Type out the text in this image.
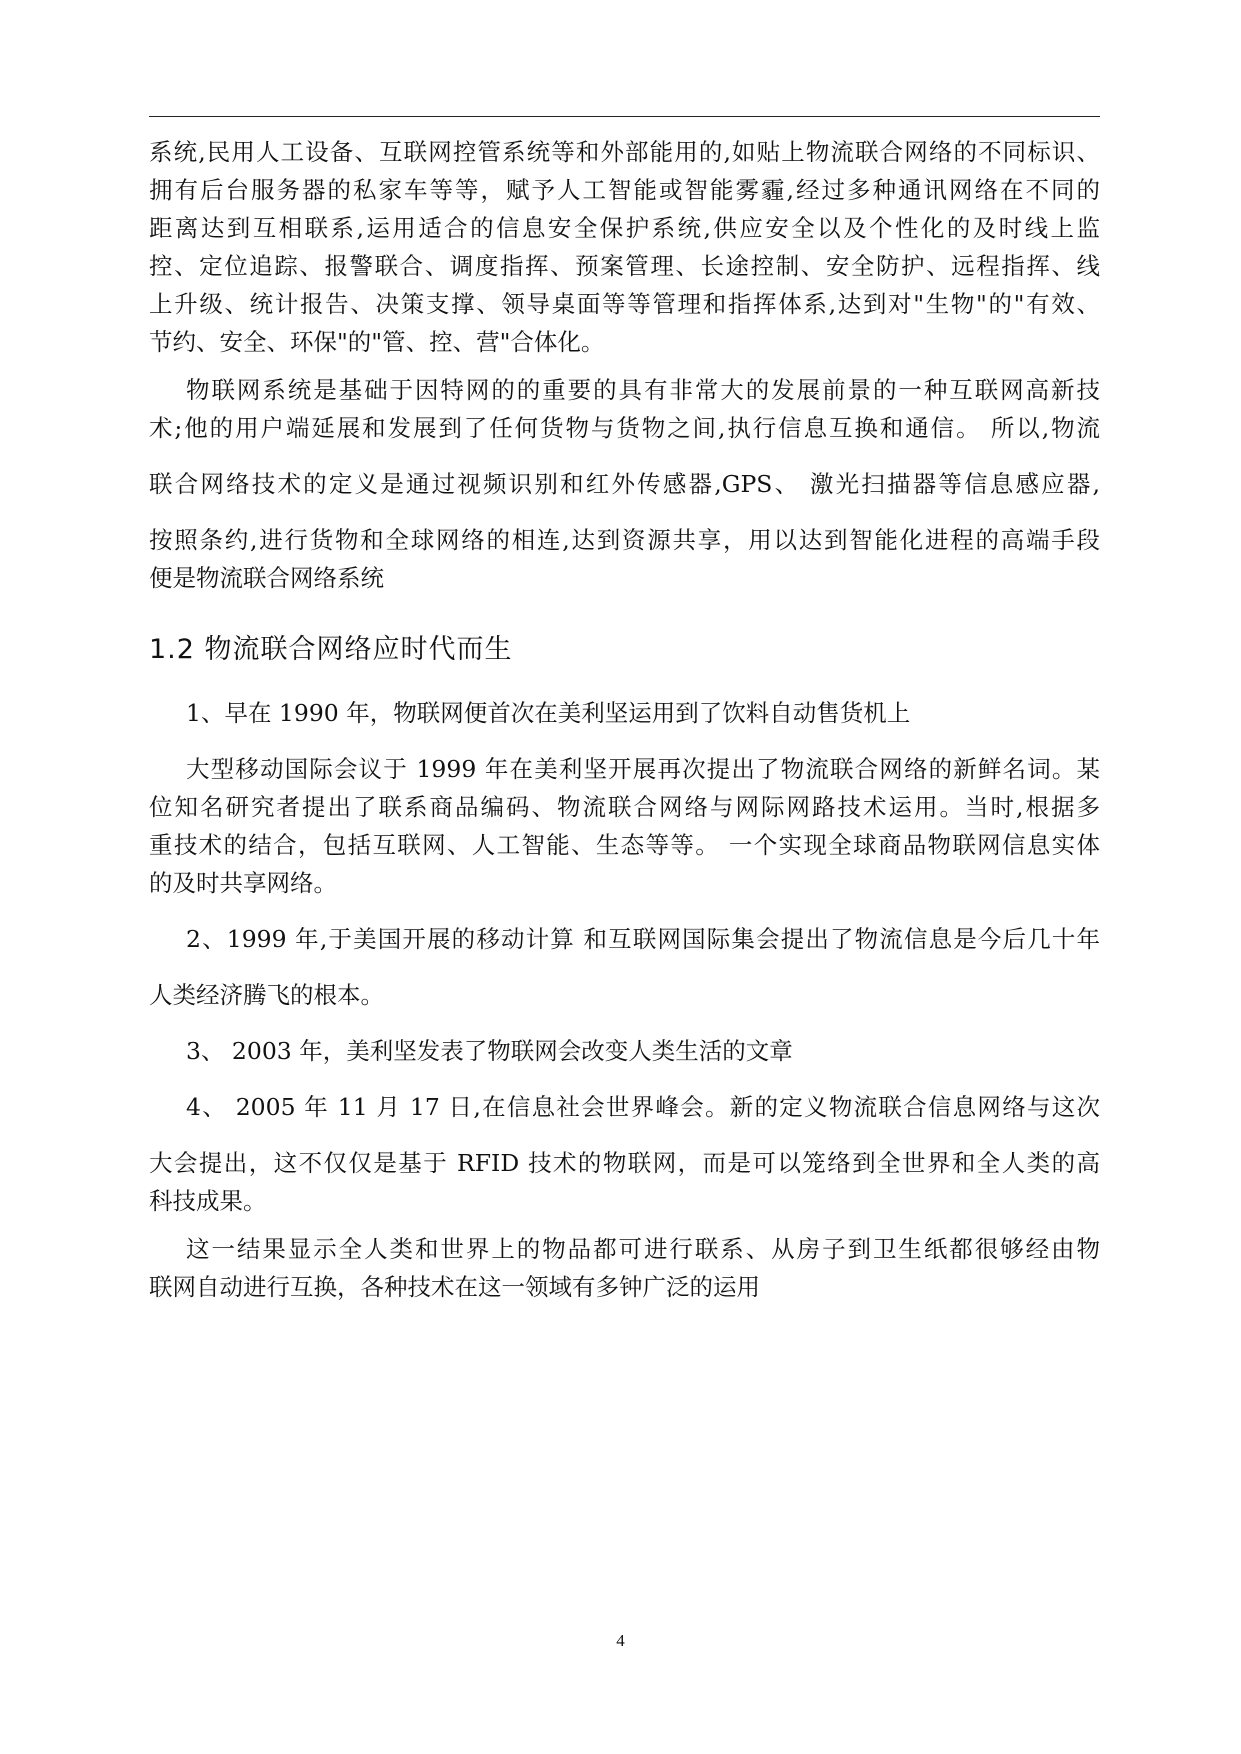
系统,民用人工设备、互联网控管系统等和外部能用的,如贴上物流联合网络的不同标识、
拥有后台服务器的私家车等等，赋予人工智能或智能雾霾,经过多种通讯网络在不同的
距离达到互相联系,运用适合的信息安全保护系统,供应安全以及个性化的及时线上监
控、定位追踪、报警联合、调度指挥、预案管理、长途控制、安全防护、远程指挥、线
上升级、统计报告、决策支撑、领导桌面等等管理和指挥体系,达到对"生物"的"有效、
节约、安全、环保"的"管、控、营"合体化。
物联网系统是基础于因特网的的重要的具有非常大的发展前景的一种互联网高新技
术;他的用户端延展和发展到了任何货物与货物之间,执行信息互换和通信。 所以,物流
联合网络技术的定义是通过视频识别和红外传感器,GPS、 激光扫描器等信息感应器,
按照条约,进行货物和全球网络的相连,达到资源共享，用以达到智能化进程的高端手段
便是物流联合网络系统
1.2 物流联合网络应时代而生
1、早在 1990 年，物联网便首次在美利坚运用到了饮料自动售货机上
大型移动国际会议于 1999 年在美利坚开展再次提出了物流联合网络的新鲜名词。某
位知名研究者提出了联系商品编码、物流联合网络与网际网路技术运用。当时,根据多
重技术的结合，包括互联网、人工智能、生态等等。 一个实现全球商品物联网信息实体
的及时共享网络。
2、1999 年,于美国开展的移动计算 和互联网国际集会提出了物流信息是今后几十年
人类经济腾飞的根本。
3、 2003 年，美利坚发表了物联网会改变人类生活的文章
4、 2005 年 11 月 17 日,在信息社会世界峰会。新的定义物流联合信息网络与这次
大会提出，这不仅仅是基于 RFID 技术的物联网，而是可以笼络到全世界和全人类的高
科技成果。
这一结果显示全人类和世界上的物品都可进行联系、从房子到卫生纸都很够经由物
联网自动进行互换，各种技术在这一领域有多钟广泛的运用
4
